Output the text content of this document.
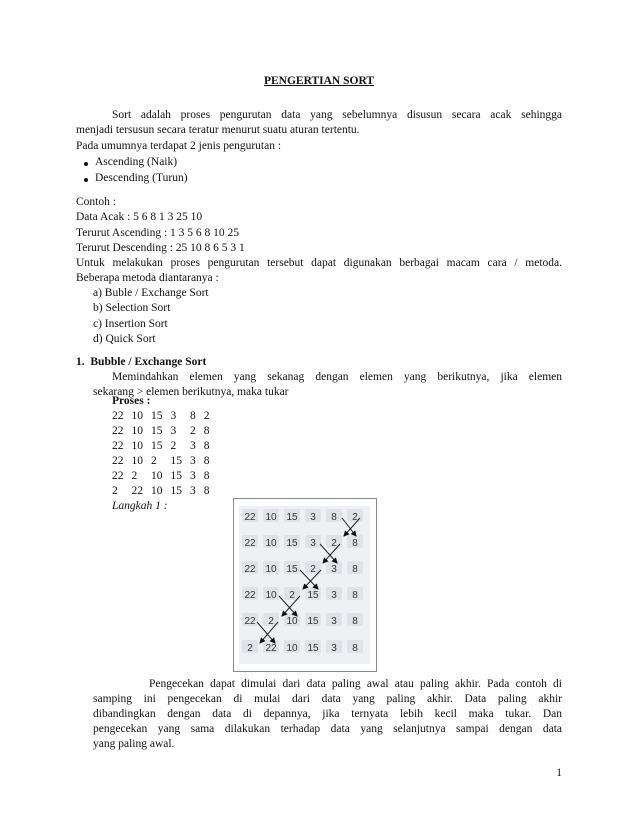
PENGERTIAN SORT
Sort adalah proses pengurutan data yang sebelumnya disusun secara acak sehingga
menjadi tersusun secara teratur menurut suatu aturan tertentu.
Pada umumnya terdapat 2 jenis pengurutan :
Ascending (Naik)
Descending (Turun)
Contoh :
Data Acak : 5 6 8 1 3 25 10
Terurut Ascending : 1 3 5 6 8 10 25
Terurut Descending : 25 10 8 6 5 3 1
Untuk melakukan proses pengurutan tersebut dapat digunakan berbagai macam cara / metoda.
Beberapa metoda diantaranya :
a) Buble / Exchange Sort
b) Selection Sort
c) Insertion Sort
d) Quick Sort
1.  Bubble / Exchange Sort
Memindahkan elemen yang sekanag dengan elemen yang berikutnya, jika elemen
sekarang > elemen berikutnya, maka tukar
Proses :
22	10	15	3	8	2
22	10	15	3	2	8
22	10	15	2	3	8
22	10	2	15	3	8
22	2	10	15	3	8
2	22	10	15	3	8
Langkah 1 :
22 10 15	3	8	2
22 10 15	3	2	8
22 10 15	2	3	8
22 10	2	15	3	8
22	2	10 15	3	8
2	22 10 15	3	8
Pengecekan dapat dimulai dari data paling awal atau paling akhir. Pada contoh di
samping ini pengecekan di mulai dari data yang paling akhir. Data paling akhir
dibandingkan dengan data di depannya, jika ternyata lebih kecil maka tukar. Dan
pengecekan yang sama dilakukan terhadap data yang selanjutnya sampai dengan data
yang paling awal.
1
